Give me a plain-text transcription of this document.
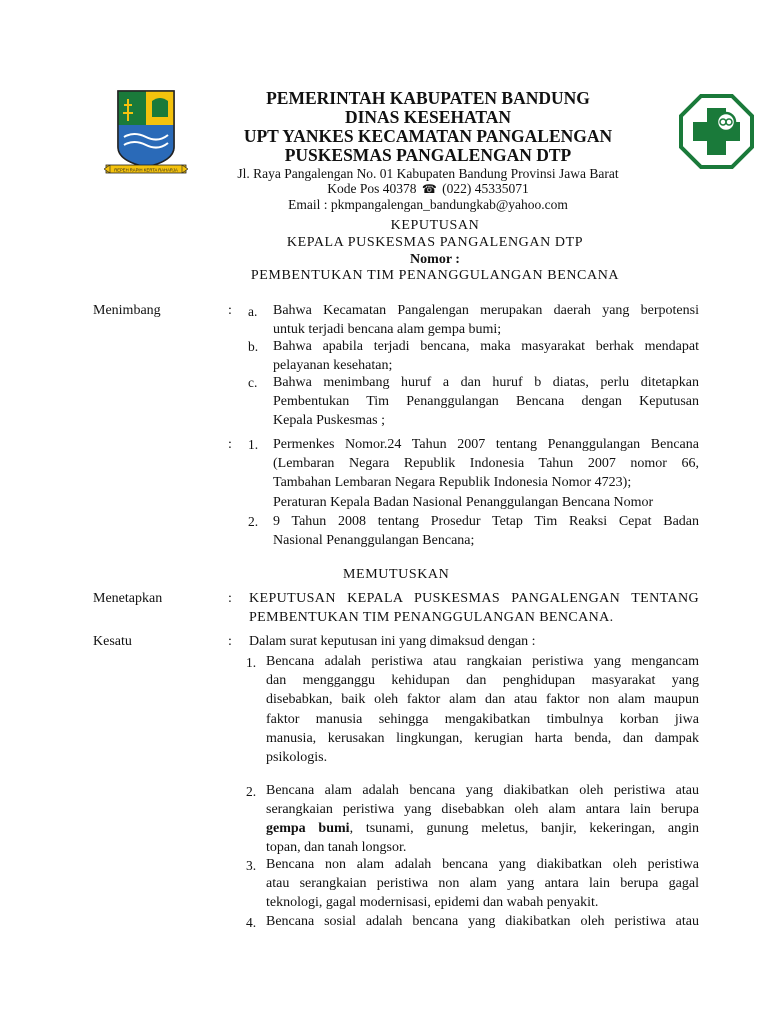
REPEH RAPIH KERTA RAHARJA
PEMERINTAH KABUPATEN BANDUNG
DINAS KESEHATAN
UPT YANKES KECAMATAN PANGALENGAN
PUSKESMAS PANGALENGAN DTP
Jl. Raya Pangalengan No. 01 Kabupaten Bandung Provinsi Jawa Barat
Kode Pos 40378 ☎ (022) 45335071
Email : pkmpangalengan_bandungkab@yahoo.com
KEPUTUSAN
KEPALA PUSKESMAS PANGALENGAN DTP
Nomor :
PEMBENTUKAN TIM PENANGGULANGAN BENCANA
Menimbang	: a. Bahwa Kecamatan Pangalengan merupakan daerah yang berpotensi
untuk terjadi bencana alam gempa bumi;
b. Bahwa apabila terjadi bencana, maka masyarakat berhak mendapat
pelayanan kesehatan;
c. Bahwa menimbang huruf a dan huruf b diatas, perlu ditetapkan
Pembentukan Tim Penanggulangan Bencana dengan Keputusan
Kepala Puskesmas ;
: 1. Permenkes Nomor.24 Tahun 2007 tentang Penanggulangan Bencana
(Lembaran Negara Republik Indonesia Tahun 2007 nomor 66,
Tambahan Lembaran Negara Republik Indonesia Nomor 4723);
Peraturan Kepala Badan Nasional Penanggulangan Bencana Nomor
2. 9 Tahun 2008 tentang Prosedur Tetap Tim Reaksi Cepat Badan
Nasional Penanggulangan Bencana;
MEMUTUSKAN
Menetapkan	: KEPUTUSAN KEPALA PUSKESMAS PANGALENGAN TENTANG
PEMBENTUKAN TIM PENANGGULANGAN BENCANA.
Kesatu	: Dalam surat keputusan ini yang dimaksud dengan :
1. Bencana adalah peristiwa atau rangkaian peristiwa yang mengancam
dan mengganggu kehidupan dan penghidupan masyarakat yang
disebabkan, baik oleh faktor alam dan atau faktor non alam maupun
faktor manusia sehingga mengakibatkan timbulnya korban jiwa
manusia, kerusakan lingkungan, kerugian harta benda, dan dampak
psikologis.
2. Bencana alam adalah bencana yang diakibatkan oleh peristiwa atau
serangkaian peristiwa yang disebabkan oleh alam antara lain berupa
gempa bumi, tsunami, gunung meletus, banjir, kekeringan, angin
topan, dan tanah longsor.
3. Bencana non alam adalah bencana yang diakibatkan oleh peristiwa
atau serangkaian peristiwa non alam yang antara lain berupa gagal
teknologi, gagal modernisasi, epidemi dan wabah penyakit.
4. Bencana sosial adalah bencana yang diakibatkan oleh peristiwa atau
